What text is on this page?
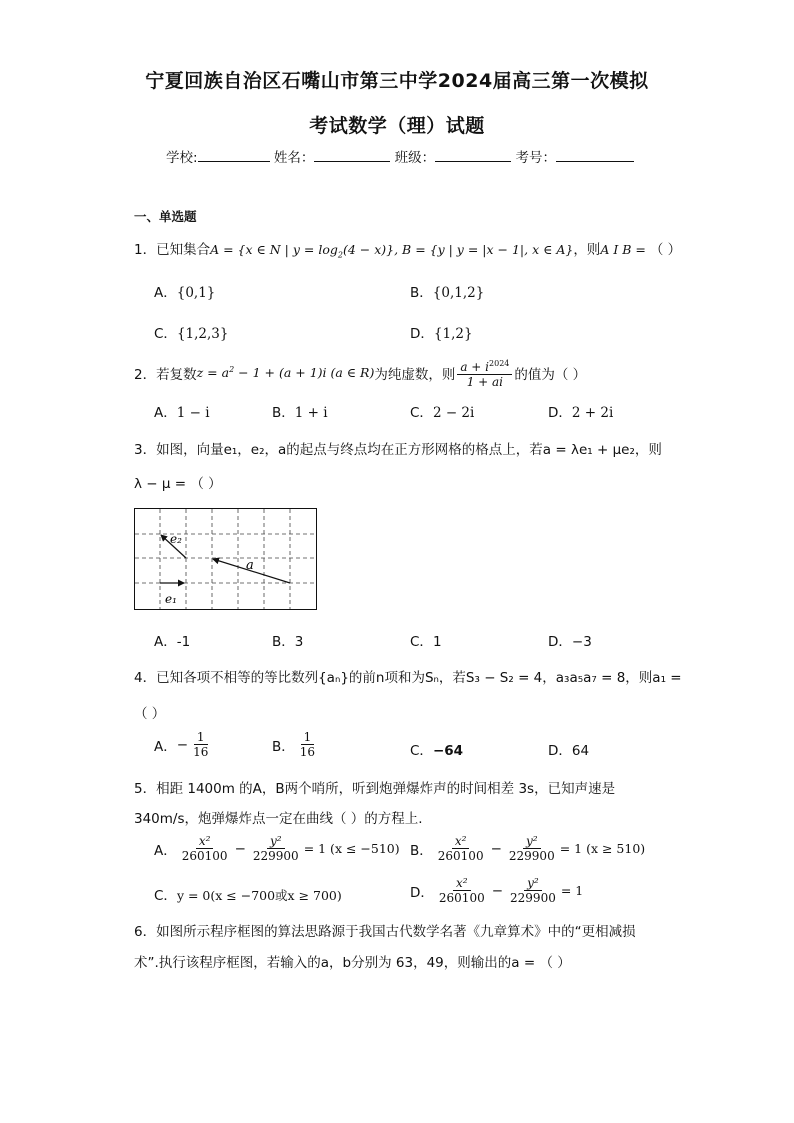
宁夏回族自治区石嘴山市第三中学2024届高三第一次模拟
考试数学（理）试题
学校:	姓名：	班级：	考号：
一、单选题
1．已知集合A = {x ∈ N | $y = \log_2(4 - x)$}, B = {y | y = |x − 1|, x ∈ A}，则A I B = （ ）
A．{0,1}	B．{0,1,2}
C．{1,2,3}	D．{1,2}
2．若复数 $z = a^2 - 1 + (a + 1)i$ (a ∈ R) 为纯虚数，则 $\frac{a + i^{2024}}{1 + ai}$ 的值为（ ）
A．1 − i	B．1 + i	C．2 − 2i	D．2 + 2i
3．如图，向量e₁，e₂，a的起点与终点均在正方形网格的格点上，若a = λe₁ + μe₂，则
λ − μ = （ ）
e₂
e₁
a
A．-1	B．3	C．1	D．−3
4．已知各项不相等的等比数列{aₙ}的前n项和为Sₙ，若S₃ − S₂ = 4，a₃a₅a₇ = 8，则a₁ =
（ ）
A． − $\frac{1}{16}$	B． $\frac{1}{16}$	C．−64	D．64
5．相距 1400m 的A，B两个哨所，听到炮弹爆炸声的时间相差 3s，已知声速是
340m/s，炮弹爆炸点一定在曲线（ ）的方程上.
A． $\frac{\text{x²}}{260100} - \frac{\text{y²}}{229900} = 1$ (x ≤ −510) B． $\frac{\text{x²}}{260100} - \frac{\text{y²}}{229900} = 1$ (x ≥ 510)
C．y = 0(x ≤ −700或x ≥ 700)	D． $\frac{\text{x²}}{260100} - \frac{\text{y²}}{229900} = 1$
6．如图所示程序框图的算法思路源于我国古代数学名著《九章算术》中的“更相减损
术”.执行该程序框图，若输入的a，b分别为 63，49，则输出的a = （ ）
